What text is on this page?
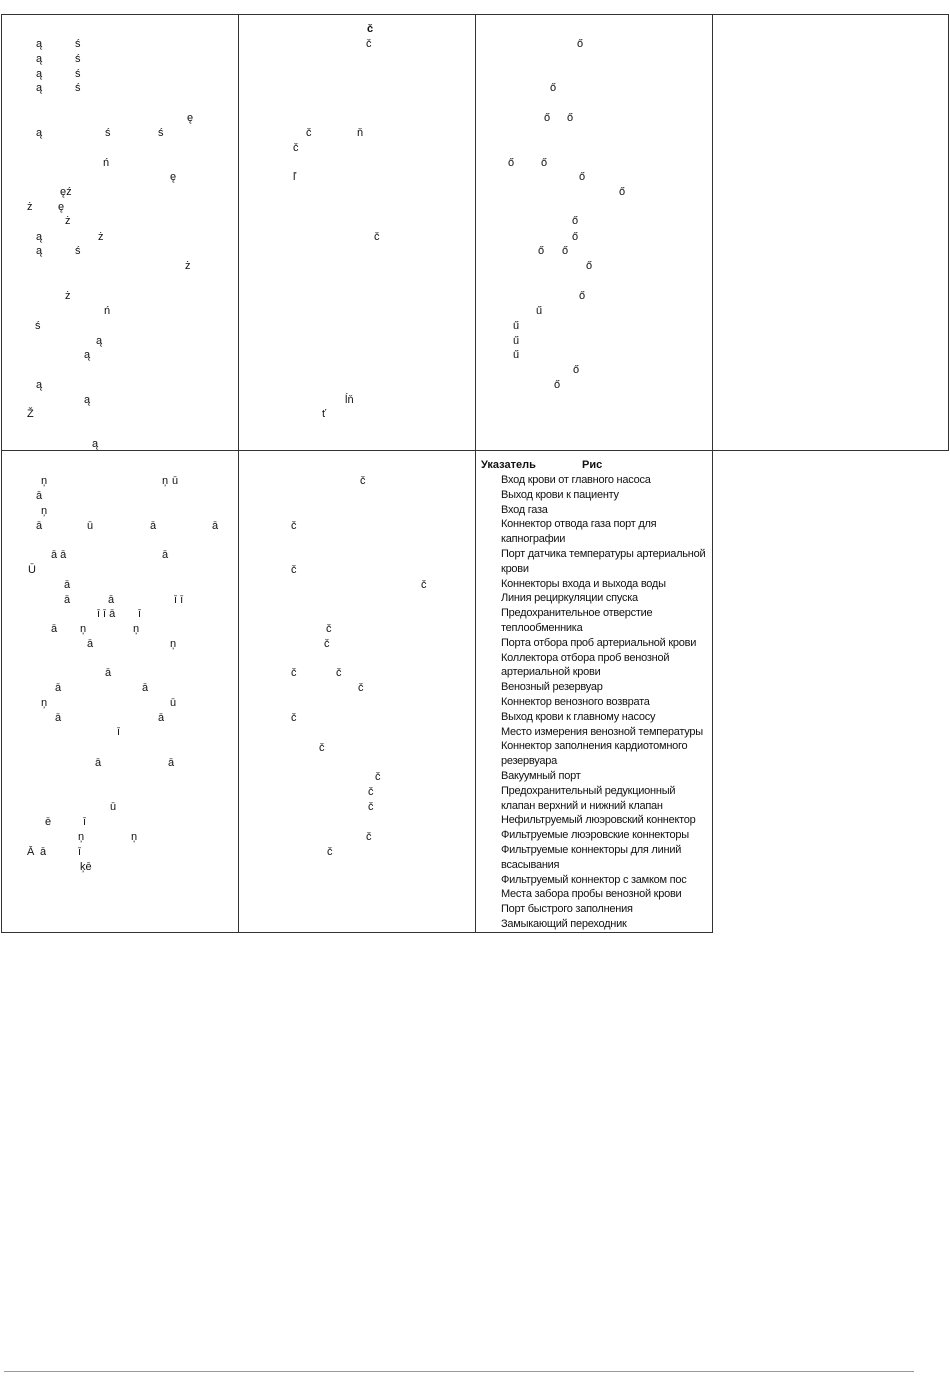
ą	ś
ą	ś
ą	ś
ą	ś
ę
ą	ś	ś
ń
ę
ęź
ż ę
ż
ą	ż
ą	ś
ż
ż
ń
ś
ą
ą
ą
ą
Ž
ą
č
č
č	ň
č
ľ
č
ĺň
ť
ő
ő
ő ő
ő ő
ő
ő
ő
ő
ő ő
ő
ő
ű
ű
ű
ű
ő
ő
ņ
ā
ū
ņ
ņ
ā
ā
ū
ā
ā
ā ā
ā
Ū
ā	ā	ī ī
ī ī ā ī
ā ņ	ņ
ā	ņ
ā
ā	ā
ņ	ū
ā	ā
ī
ā	ā
ū
ē	ī
ņ	ņ
Ā ā	ī
ķē
č
č
č
č
č
č
č	č
č
č
č
č
č
č
č
č
Указатель	Рис
Вход крови от главного насоса
Выход крови к пациенту
Вход газа
Коннектор отвода газа порт для капнографии
Порт датчика температуры артериальной крови
Коннекторы входа и выхода воды
Линия рециркуляции спуска
Предохранительное отверстие теплообменника
Порта отбора проб артериальной крови
Коллектора отбора проб венозной артериальной крови
Венозный резервуар
Коннектор венозного возврата
Выход крови к главному насосу
Место измерения венозной температуры
Коннектор заполнения кардиотомного резервуара
Вакуумный порт
Предохранительный редукционный клапан верхний и нижний клапан
Нефильтруемый люэровский коннектор
Фильтруемые люэровские коннекторы
Фильтруемые коннекторы для линий всасывания
Фильтруемый коннектор с замком пос
Места забора пробы венозной крови
Порт быстрого заполнения
Замыкающий переходник
